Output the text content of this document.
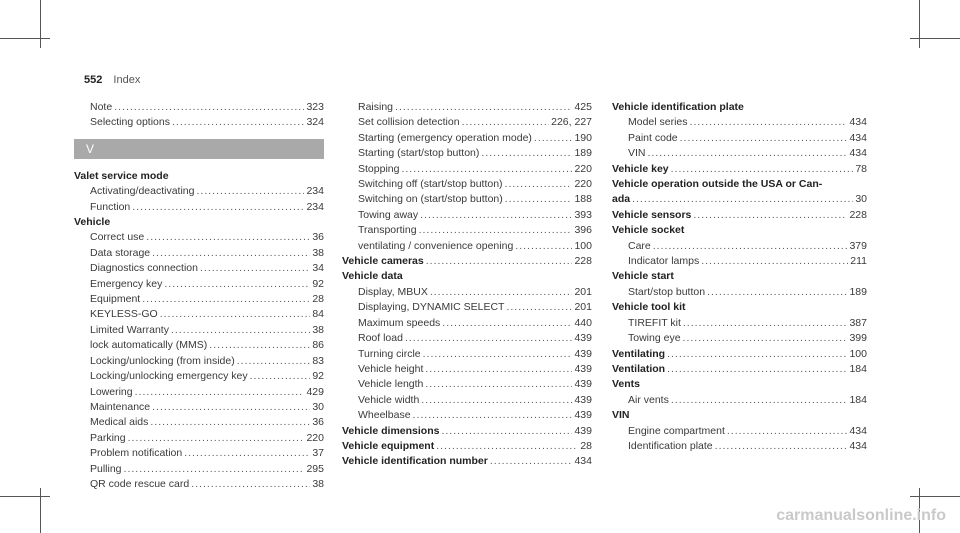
552 Index
Note .....	323
Selecting options .....	324
V
Valet service mode
Activating/deactivating .....	234
Function .....	234
Vehicle
Correct use .....	36
Data storage .....	38
Diagnostics connection .....	34
Emergency key .....	92
Equipment .....	28
KEYLESS-GO .....	84
Limited Warranty .....	38
lock automatically (MMS) .....	86
Locking/unlocking (from inside) .....	83
Locking/unlocking emergency key .....	92
Lowering .....	429
Maintenance .....	30
Medical aids .....	36
Parking .....	220
Problem notification .....	37
Pulling .....	295
QR code rescue card .....	38
Raising .....	425
Set collision detection .....	226, 227
Starting (emergency operation mode) .....	190
Starting (start/stop button) .....	189
Stopping .....	220
Switching off (start/stop button) .....	220
Switching on (start/stop button) .....	188
Towing away .....	393
Transporting .....	396
ventilating / convenience opening .....	100
Vehicle cameras .....	228
Vehicle data
Display, MBUX .....	201
Displaying, DYNAMIC SELECT .....	201
Maximum speeds .....	440
Roof load .....	439
Turning circle .....	439
Vehicle height .....	439
Vehicle length .....	439
Vehicle width .....	439
Wheelbase .....	439
Vehicle dimensions .....	439
Vehicle equipment .....	28
Vehicle identification number .....	434
Vehicle identification plate
Model series .....	434
Paint code .....	434
VIN .....	434
Vehicle key .....	78
Vehicle operation outside the USA or Can-
ada .....	30
Vehicle sensors .....	228
Vehicle socket
Care .....	379
Indicator lamps .....	211
Vehicle start
Start/stop button .....	189
Vehicle tool kit
TIREFIT kit .....	387
Towing eye .....	399
Ventilating .....	100
Ventilation .....	184
Vents
Air vents .....	184
VIN
Engine compartment .....	434
Identification plate .....	434
carmanualsonline.info
